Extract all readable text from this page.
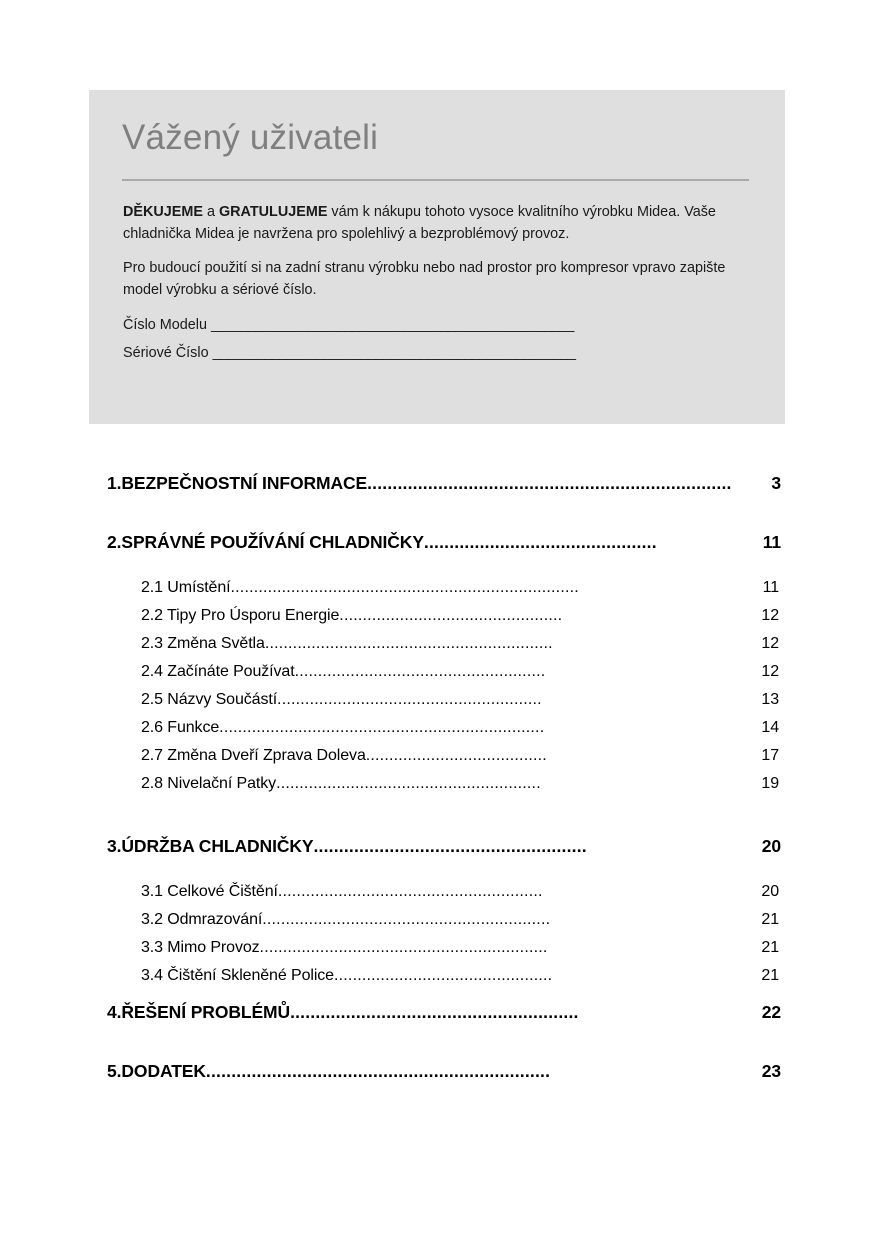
Vážený uživateli

DĚKUJEME a GRATULUJEME vám k nákupu tohoto vysoce kvalitního výrobku Midea. Vaše chladnička Midea je navržena pro spolehlivý a bezproblémový provoz.

Pro budoucí použití si na zadní stranu výrobku nebo nad prostor pro kompresor vpravo zapište model výrobku a sériové číslo.

Číslo Modelu _________________________________________________
Sériové Číslo _________________________________________________
1.BEZPEČNOSTNÍ INFORMACE ........................................................................	3
2.SPRÁVNÉ POUŽÍVÁNÍ CHLADNIČKY ..............................................	11
2.1 Umístění ...........................................................................	11
2.2 Tipy Pro Úsporu Energie ................................................	12
2.3 Změna Světla ..............................................................	12
2.4 Začínáte Používat ......................................................	12
2.5 Názvy Součástí .........................................................	13
2.6 Funkce ......................................................................	14
2.7 Změna Dveří Zprava Doleva .......................................	17
2.8 Nivelační Patky .........................................................	19
3.ÚDRŽBA CHLADNIČKY ......................................................	20
3.1 Celkové Čištění .........................................................	20
3.2 Odmrazování ..............................................................	21
3.3 Mimo Provoz ..............................................................	21
3.4 Čištění Skleněné Police ...............................................	21
4.ŘEŠENÍ PROBLÉMŮ .........................................................	22
5.DODATEK ....................................................................	23
